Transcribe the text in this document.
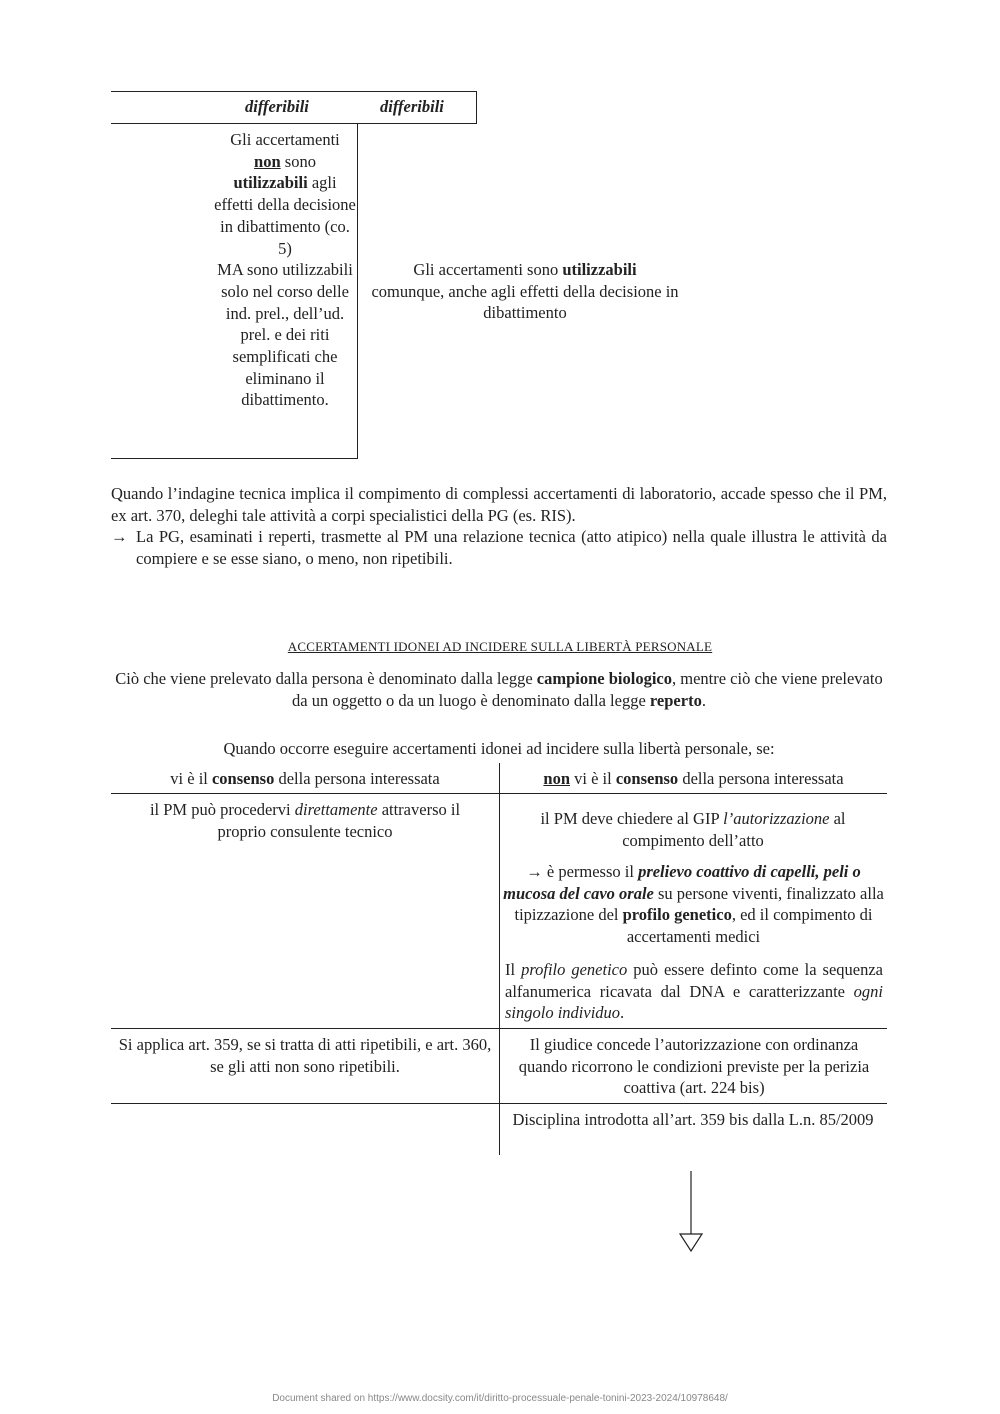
differibili	differibili
Gli accertamenti
non sono
utilizzabili agli effetti della decisione in dibattimento (co. 5)
MA sono utilizzabili solo nel corso delle ind. prel., dell’ud. prel. e dei riti semplificati che eliminano il dibattimento.
Gli accertamenti sono utilizzabili
comunque, anche agli effetti della decisione in dibattimento
Quando l’indagine tecnica implica il compimento di complessi accertamenti di laboratorio, accade spesso che il PM, ex art. 370, deleghi tale attività a corpi specialistici della PG (es. RIS).
→ La PG, esaminati i reperti, trasmette al PM una relazione tecnica (atto atipico) nella quale illustra le attività da compiere e se esse siano, o meno, non ripetibili.
ACCERTAMENTI IDONEI AD INCIDERE SULLA LIBERTÀ PERSONALE
Ciò che viene prelevato dalla persona è denominato dalla legge campione biologico, mentre ciò che viene prelevato da un oggetto o da un luogo è denominato dalla legge reperto.
Quando occorre eseguire accertamenti idonei ad incidere sulla libertà personale, se:
vi è il consenso della persona interessata	non vi è il consenso della persona interessata
il PM può procedervi direttamente attraverso il proprio consulente tecnico
il PM deve chiedere al GIP l’autorizzazione al compimento dell’atto
→ è permesso il prelievo coattivo di capelli, peli o mucosa del cavo orale su persone viventi, finalizzato alla tipizzazione del profilo genetico, ed il compimento di accertamenti medici
Il profilo genetico può essere definto come la sequenza alfanumerica ricavata dal DNA e caratterizzante ogni singolo individuo.
Si applica art. 359, se si tratta di atti ripetibili, e art. 360, se gli atti non sono ripetibili.
Il giudice concede l’autorizzazione con ordinanza quando ricorrono le condizioni previste per la perizia coattiva (art. 224 bis)
Disciplina introdotta all’art. 359 bis dalla L.n. 85/2009
Document shared on https://www.docsity.com/it/diritto-processuale-penale-tonini-2023-2024/10978648/
